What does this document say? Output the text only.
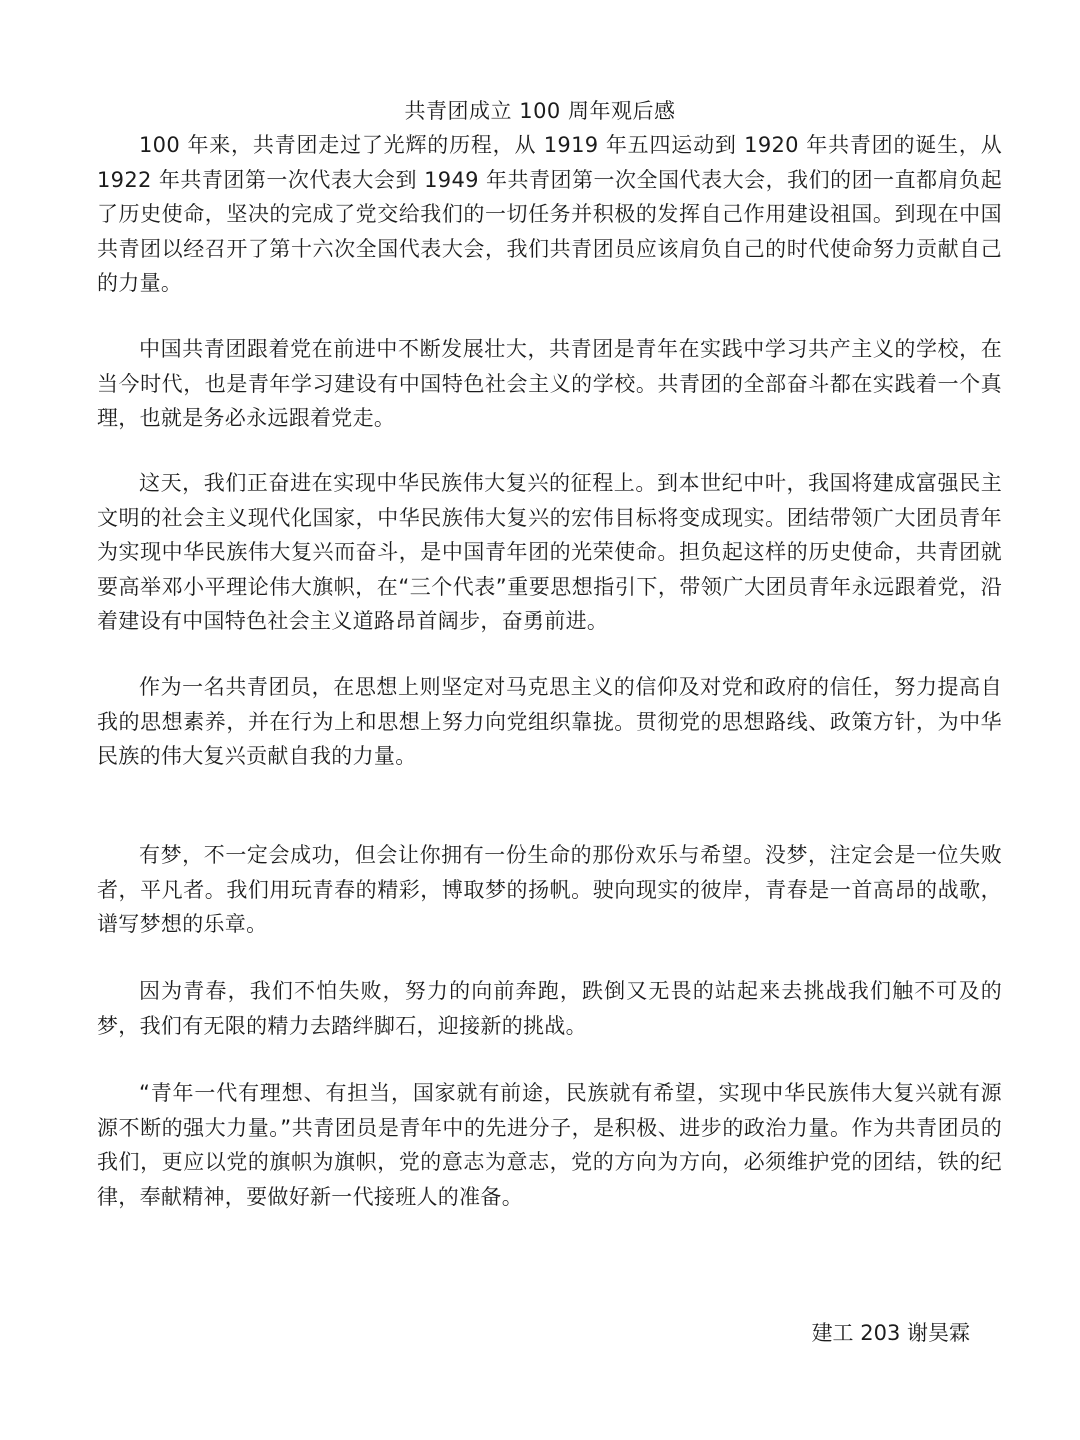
共青团成立 100 周年观后感

100 年来，共青团走过了光辉的历程，从 1919 年五四运动到 1920 年共青团的诞生，从 1922 年共青团第一次代表大会到 1949 年共青团第一次全国代表大会，我们的团一直都肩负起了历史使命，坚决的完成了党交给我们的一切任务并积极的发挥自己作用建设祖国。到现在中国共青团以经召开了第十六次全国代表大会，我们共青团员应该肩负自己的时代使命努力贡献自己的力量。

中国共青团跟着党在前进中不断发展壮大，共青团是青年在实践中学习共产主义的学校，在当今时代，也是青年学习建设有中国特色社会主义的学校。共青团的全部奋斗都在实践着一个真理，也就是务必永远跟着党走。

这天，我们正奋进在实现中华民族伟大复兴的征程上。到本世纪中叶，我国将建成富强民主文明的社会主义现代化国家，中华民族伟大复兴的宏伟目标将变成现实。团结带领广大团员青年为实现中华民族伟大复兴而奋斗，是中国青年团的光荣使命。担负起这样的历史使命，共青团就要高举邓小平理论伟大旗帜，在“三个代表”重要思想指引下，带领广大团员青年永远跟着党，沿着建设有中国特色社会主义道路昂首阔步，奋勇前进。

作为一名共青团员，在思想上则坚定对马克思主义的信仰及对党和政府的信任，努力提高自我的思想素养，并在行为上和思想上努力向党组织靠拢。贯彻党的思想路线、政策方针，为中华民族的伟大复兴贡献自我的力量。

有梦，不一定会成功，但会让你拥有一份生命的那份欢乐与希望。没梦，注定会是一位失败者，平凡者。我们用玩青春的精彩，博取梦的扬帆。驶向现实的彼岸，青春是一首高昂的战歌，谱写梦想的乐章。

因为青春，我们不怕失败，努力的向前奔跑，跌倒又无畏的站起来去挑战我们触不可及的梦，我们有无限的精力去踏绊脚石，迎接新的挑战。

“青年一代有理想、有担当，国家就有前途，民族就有希望，实现中华民族伟大复兴就有源源不断的强大力量。”共青团员是青年中的先进分子，是积极、进步的政治力量。作为共青团员的我们，更应以党的旗帜为旗帜，党的意志为意志，党的方向为方向，必须维护党的团结，铁的纪律，奉献精神，要做好新一代接班人的准备。

建工 203 谢昊霖
